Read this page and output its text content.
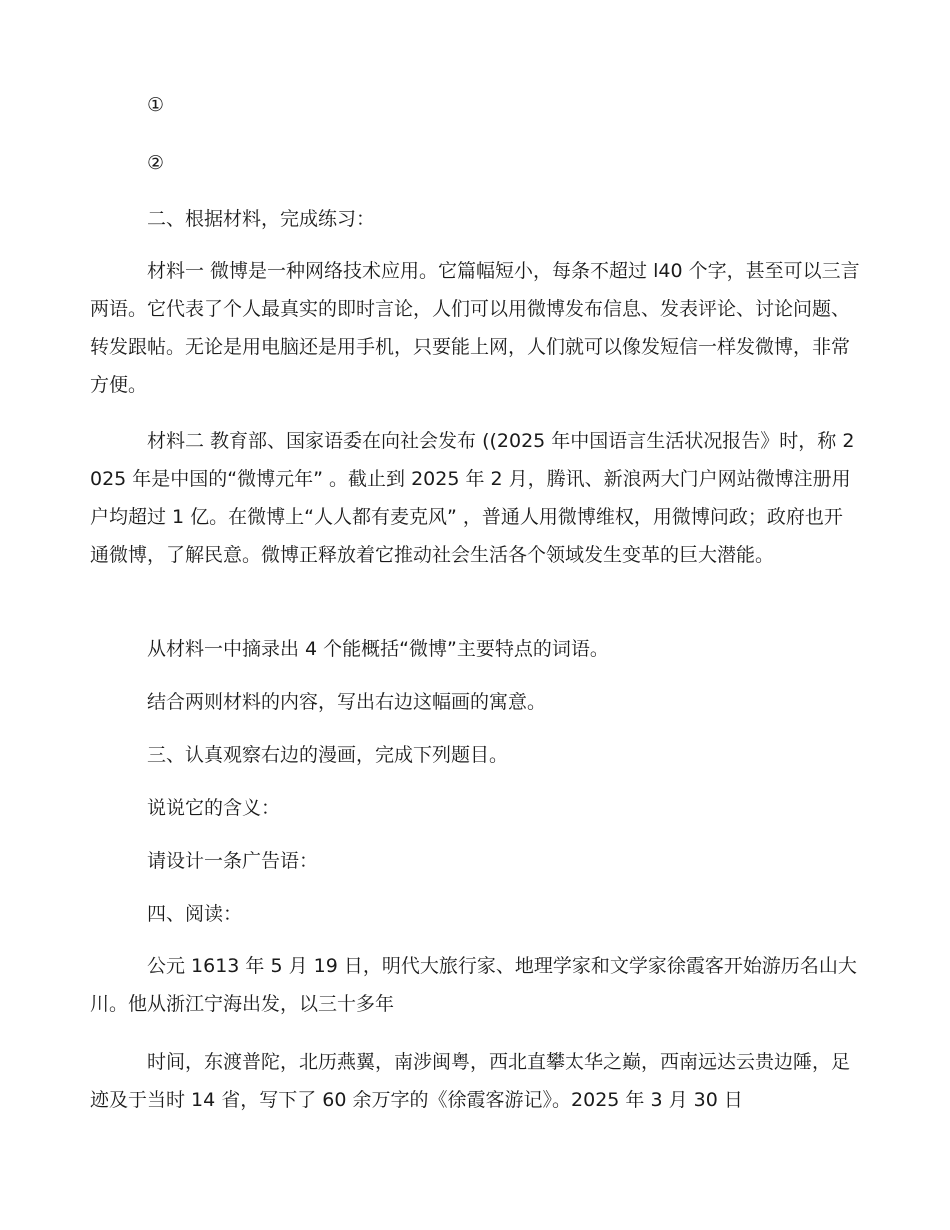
①

②

二、根据材料，完成练习：

材料一 微博是一种网络技术应用。它篇幅短小，每条不超过 l40 个字，甚至可以三言两语。它代表了个人最真实的即时言论，人们可以用微博发布信息、发表评论、讨论问题、转发跟帖。无论是用电脑还是用手机，只要能上网，人们就可以像发短信一样发微博，非常方便。

材料二 教育部、国家语委在向社会发布 ((2025 年中国语言生活状况报告》时，称 2025 年是中国的“微博元年” 。截止到 2025 年 2 月，腾讯、新浪两大门户网站微博注册用户均超过 1 亿。在微博上“人人都有麦克风” ，普通人用微博维权，用微博问政；政府也开通微博，了解民意。微博正释放着它推动社会生活各个领域发生变革的巨大潜能。

从材料一中摘录出 4 个能概括“微博”主要特点的词语。

结合两则材料的内容，写出右边这幅画的寓意。

三、认真观察右边的漫画，完成下列题目。

说说它的含义：

请设计一条广告语：

四、阅读：

公元 1613 年 5 月 19 日，明代大旅行家、地理学家和文学家徐霞客开始游历名山大川。他从浙江宁海出发，以三十多年

时间，东渡普陀，北历燕翼，南涉闽粤，西北直攀太华之巅，西南远达云贵边陲，足迹及于当时 14 省，写下了 60 余万字的《徐霞客游记》。2025 年 3 月 30 日
